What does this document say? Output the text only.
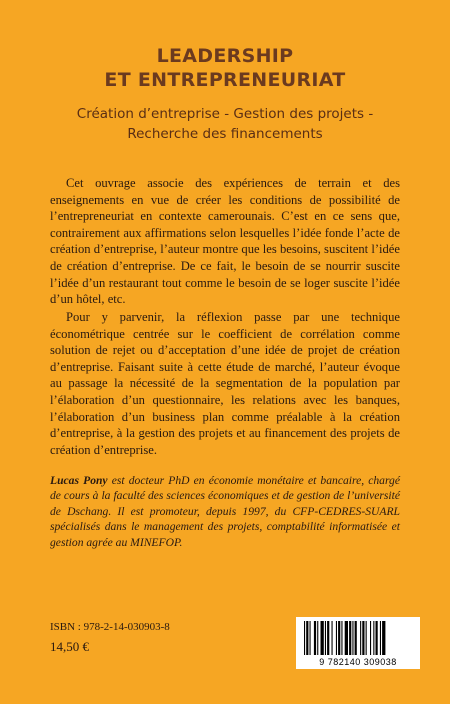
LEADERSHIP
ET ENTREPRENEURIAT
Création d’entreprise - Gestion des projets -
Recherche des financements

Cet ouvrage associe des expériences de terrain et des enseignements en vue de créer les conditions de possibilité de l’entrepreneuriat en contexte camerounais. C’est en ce sens que, contrairement aux affirmations selon lesquelles l’idée fonde l’acte de création d’entreprise, l’auteur montre que les besoins, suscitent l’idée de création d’entreprise. De ce fait, le besoin de se nourrir suscite l’idée d’un restaurant tout comme le besoin de se loger suscite l’idée d’un hôtel, etc.

Pour y parvenir, la réflexion passe par une technique économétrique centrée sur le coefficient de corrélation comme solution de rejet ou d’acceptation d’une idée de projet de création d’entreprise. Faisant suite à cette étude de marché, l’auteur évoque au passage la nécessité de la segmentation de la population par l’élaboration d’un questionnaire, les relations avec les banques, l’élaboration d’un business plan comme préalable à la création d’entreprise, à la gestion des projets et au financement des projets de création d’entreprise.

Lucas Pony est docteur PhD en économie monétaire et bancaire, chargé de cours à la faculté des sciences économiques et de gestion de l’université de Dschang. Il est promoteur, depuis 1997, du CFP-CEDRES-SUARL spécialisés dans le management des projets, comptabilité informatisée et gestion agrée au MINEFOP.

ISBN : 978-2-14-030903-8
14,50 €
9 782140 309038
